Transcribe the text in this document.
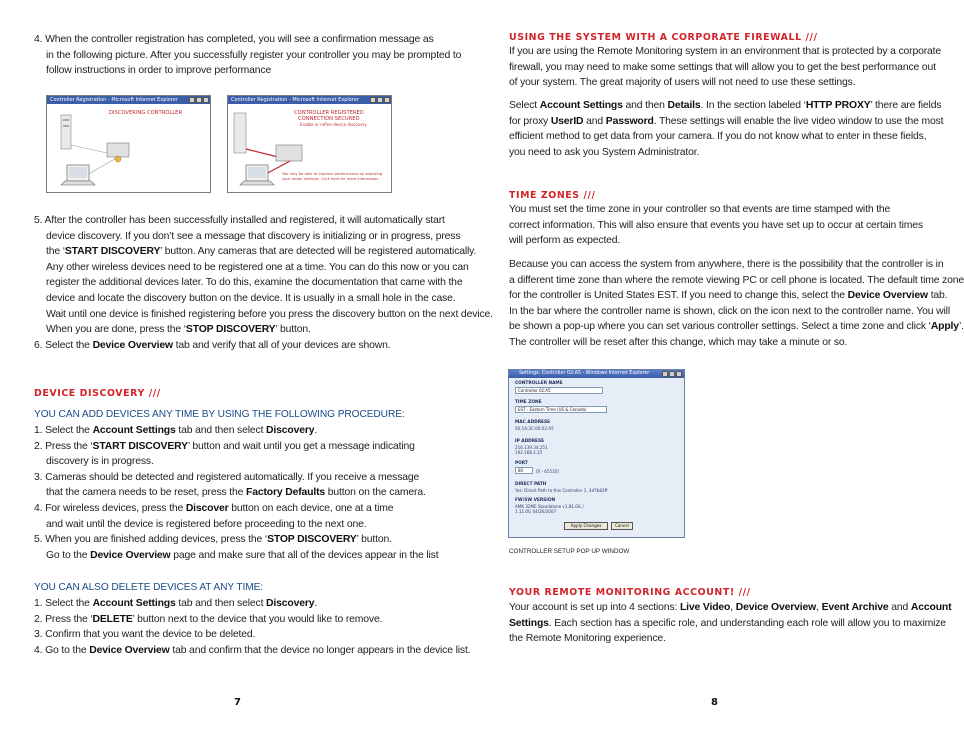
4. When the controller registration has completed, you will see a confirmation message as
in the following picture. After you successfully register your controller you may be prompted to
follow instructions in order to improve performance
Controller Registration - Microsoft Internet Explorer
DISCOVERING CONTROLLER
Controller Registration - Microsoft Internet Explorer
CONTROLLER REGISTERED
CONNECTION SECURED
Enable or refine device discovery
You may be able to improve performance by adjusting
your router settings. Click here for more information
5. After the controller has been successfully installed and registered, it will automatically start
device discovery. If you don’t see a message that discovery is initializing or in progress, press
the ‘START DISCOVERY’ button. Any cameras that are detected will be registered automatically.
Any other wireless devices need to be registered one at a time. You can do this now or you can
register the additional devices later. To do this, examine the documentation that came with the
device and locate the discovery button on the device. It is usually in a small hole in the case.
Wait until one device is finished registering before you press the discovery button on the next device.
When you are done, press the ‘STOP DISCOVERY’ button.
6. Select the Device Overview tab and verify that all of your devices are shown.
DEVICE DISCOVERY ///
YOU CAN ADD DEVICES ANY TIME BY USING THE FOLLOWING PROCEDURE:
1. Select the Account Settings tab and then select Discovery.
2. Press the ‘START DISCOVERY’ button and wait until you get a message indicating
discovery is in progress.
3. Cameras should be detected and registered automatically. If you receive a message
that the camera needs to be reset, press the Factory Defaults button on the camera.
4. For wireless devices, press the Discover button on each device, one at a time
and wait until the device is registered before proceeding to the next one.
5. When you are finished adding devices, press the ‘STOP DISCOVERY’ button.
Go to the Device Overview page and make sure that all of the devices appear in the list
YOU CAN ALSO DELETE DEVICES AT ANY TIME:
1. Select the Account Settings tab and then select Discovery.
2. Press the ‘DELETE’ button next to the device that you would like to remove.
3. Confirm that you want the device to be deleted.
4. Go to the Device Overview tab and confirm that the device no longer appears in the device list.
7
USING THE SYSTEM WITH A CORPORATE FIREWALL ///
If you are using the Remote Monitoring system in an environment that is protected by a corporate
firewall, you may need to make some settings that will allow you to get the best performance out
of your system. The great majority of users will not need to use these settings.
Select Account Settings and then Details. In the section labeled ‘HTTP PROXY’ there are fields
for proxy UserID and Password. These settings will enable the live video window to use the most
efficient method to get data from your camera. If you do not know what to enter in these fields,
you need to ask you System Administrator.
TIME ZONES ///
You must set the time zone in your controller so that events are time stamped with the
correct information. This will also ensure that events you have set up to occur at certain times
will perform as expected.
Because you can access the system from anywhere, there is the possibility that the controller is in
a different time zone than where the remote viewing PC or cell phone is located. The default time zone
for the controller is United States EST. If you need to change this, select the Device Overview tab.
In the bar where the controller name is shown, click on the icon next to the controller name. You will
be shown a pop-up where you can set various controller settings. Select a time zone and click ‘Apply’.
The controller will be reset after this change, which may take a minute or so.
Settings: Controller 02:A5 - Windows Internet Explorer
CONTROLLER NAME
Controller 02:A5
TIME ZONE
EST - Eastern Time (US & Canada)
MAC ADDRESS
00:1A:3C:00:02:A5
IP ADDRESS
216.139.34.251
192.168.1.25
PORT
80	[0 - 65535]
DIRECT PATH
Yes: Direct Path to this Controller 1, 4d7b83ff
FW/SW VERSION
AMK 32ME Standalone v1.81.0G /
1.11.0G 04/26/2007
Apply Changes	Cancel
CONTROLLER SETUP POP UP WINDOW
YOUR REMOTE MONITORING ACCOUNT! ///
Your account is set up into 4 sections: Live Video, Device Overview, Event Archive and Account
Settings. Each section has a specific role, and understanding each role will allow you to maximize
the Remote Monitoring experience.
8
